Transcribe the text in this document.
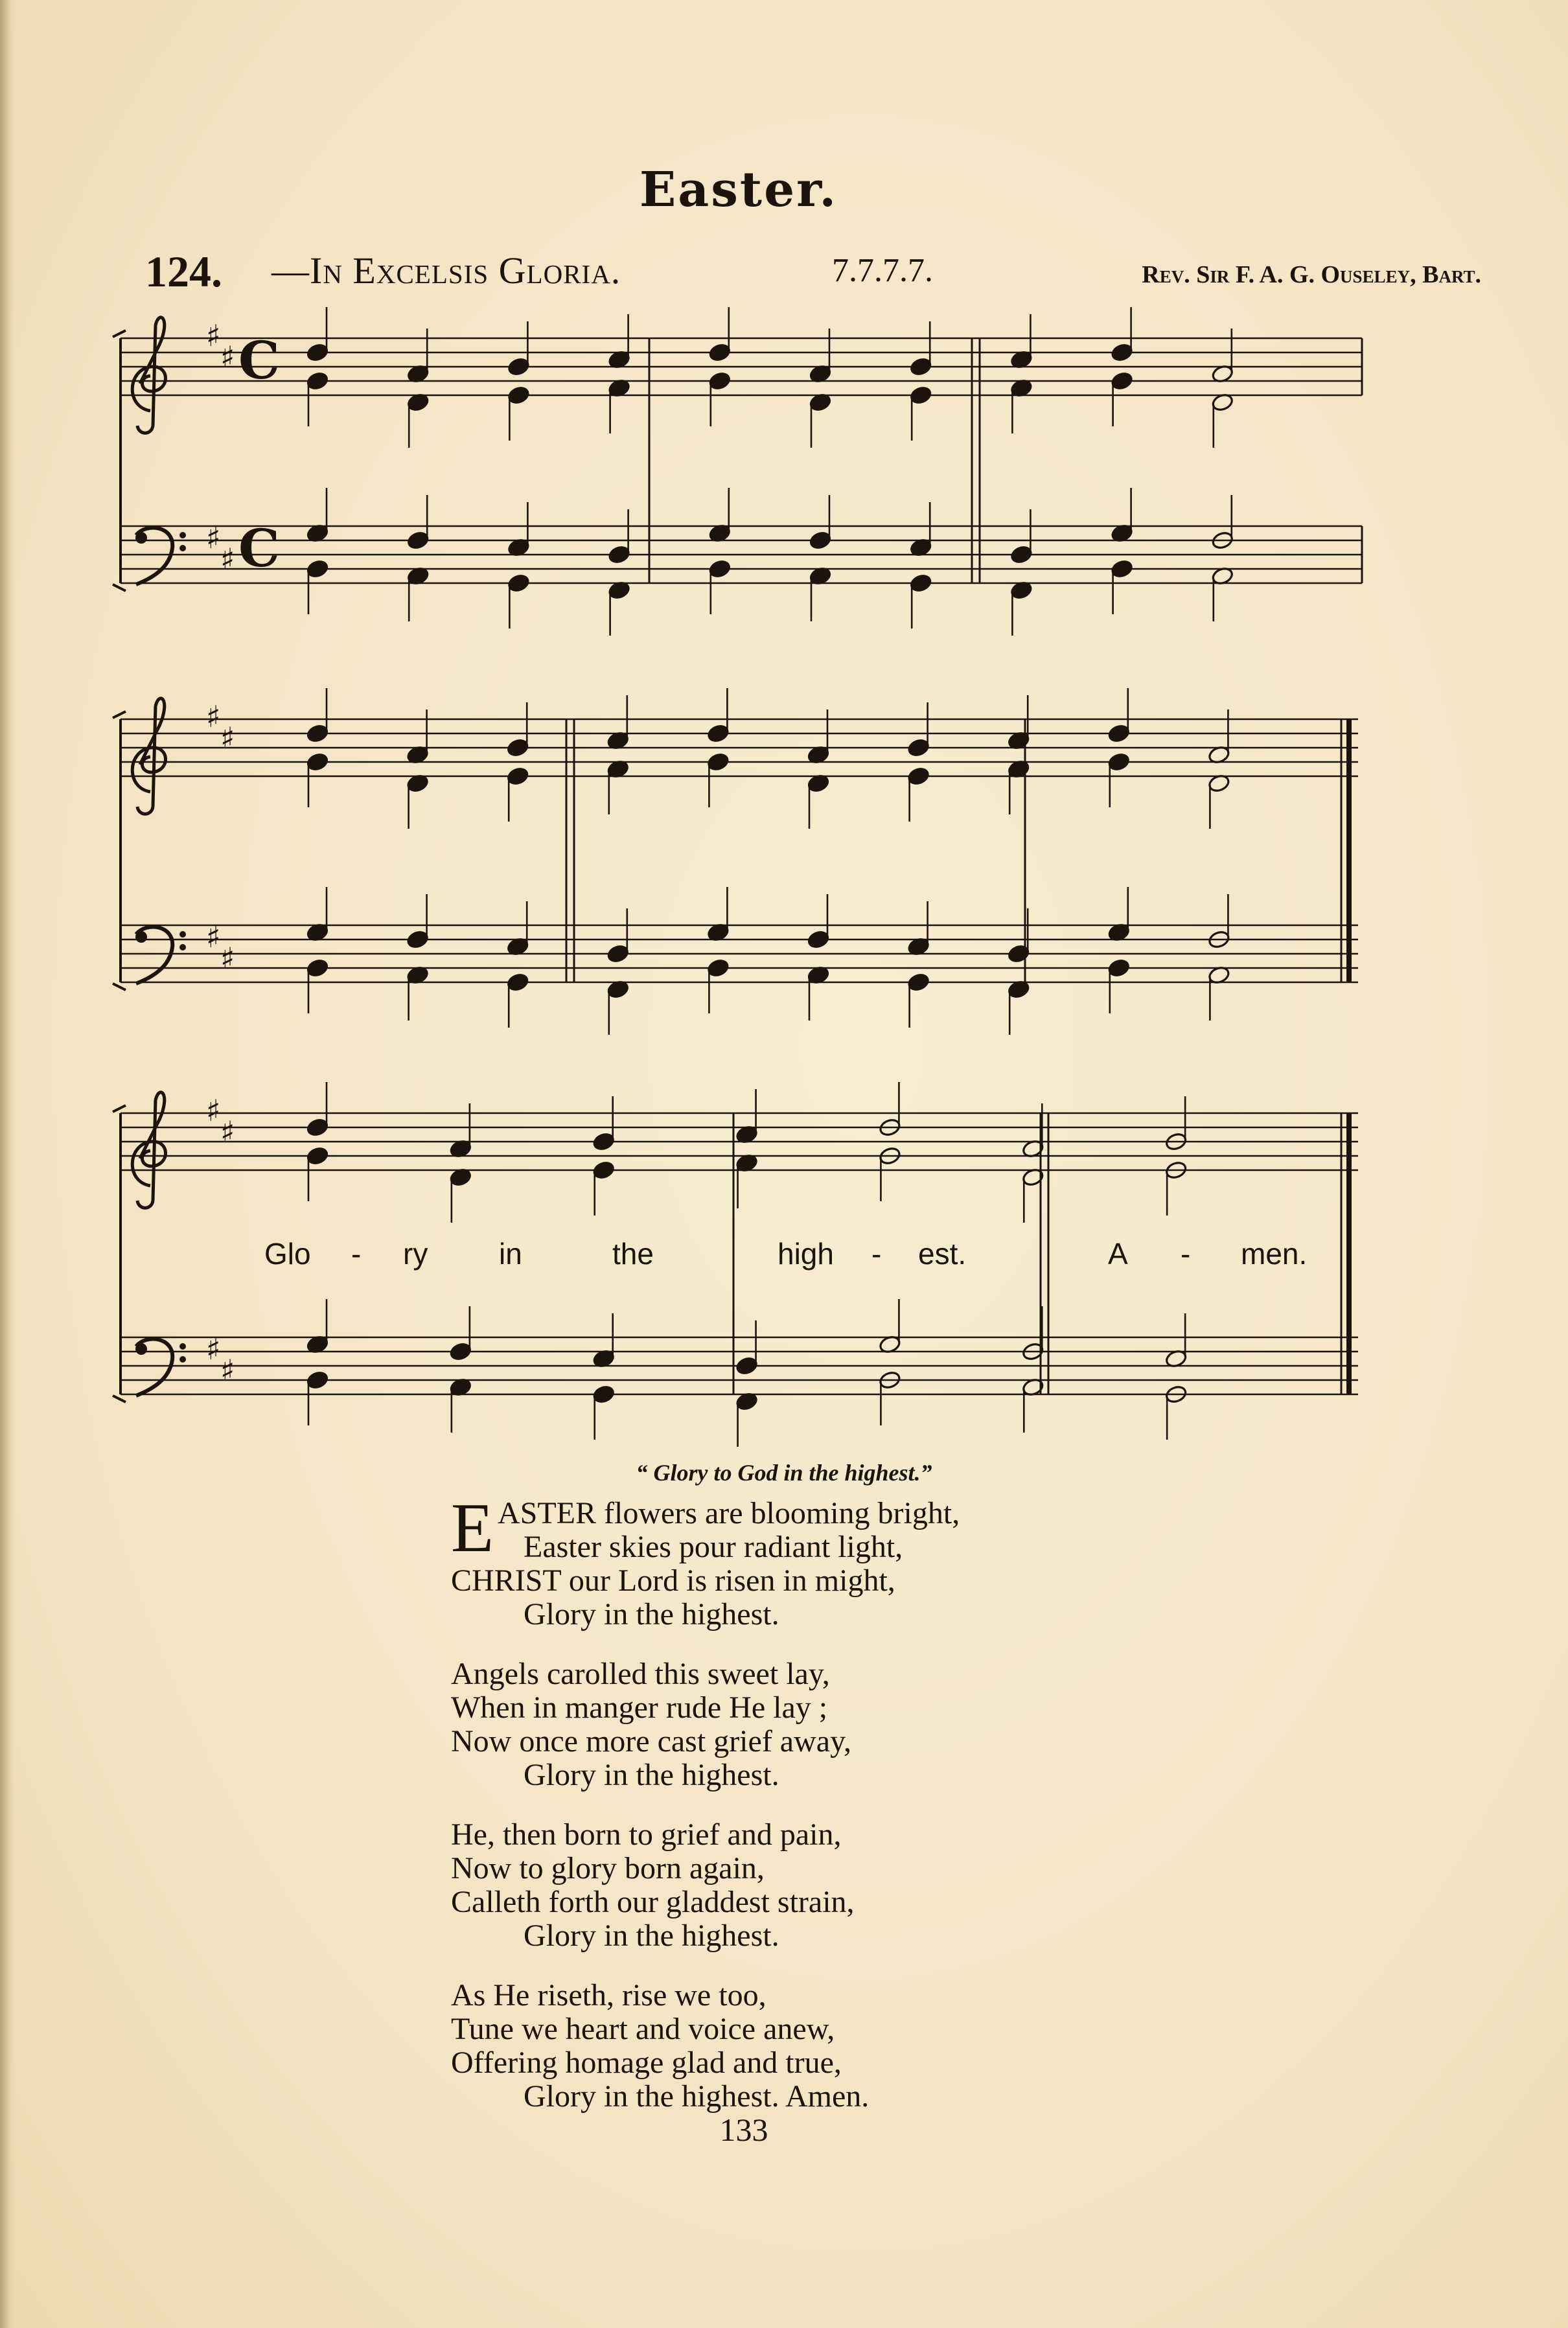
Easter.
124. —In Excelsis Gloria.	7.7.7.7.	Rev. Sir F. A. G. Ouseley, Bart.
♯
♯
♯
♯
C
C
♯
♯
♯
♯
♯
♯
♯
♯
Glo - ry in	the	high - est.	A - men.
“ Glory to God in the highest.”
EASTER flowers are blooming bright,
Easter skies pour radiant light,
CHRIST our Lord is risen in might,
Glory in the highest.
Angels carolled this sweet lay,
When in manger rude He lay ;
Now once more cast grief away,
Glory in the highest.
He, then born to grief and pain,
Now to glory born again,
Calleth forth our gladdest strain,
Glory in the highest.
As He riseth, rise we too,
Tune we heart and voice anew,
Offering homage glad and true,
Glory in the highest. Amen.
133
